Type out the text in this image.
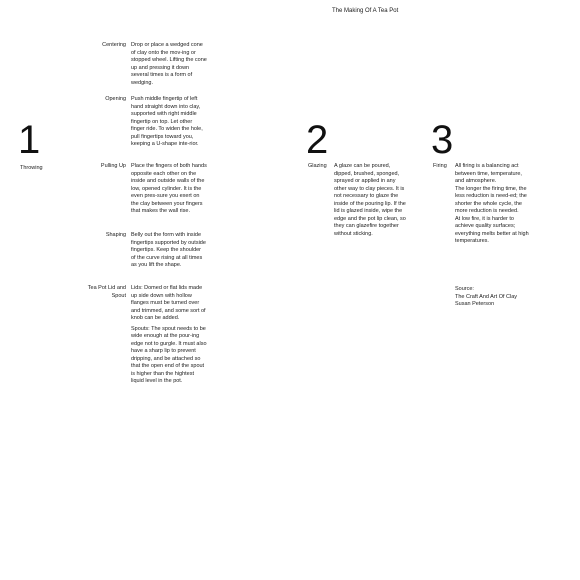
The Making Of A Tea Pot
1
Throwing
Centering Drop or place a wedged cone of clay onto the mov-ing or stopped wheel. Lifting the cone up and pressing it down several times is a form of wedging.

Opening Push middle fingertip of left hand straight down into clay, supported with right middle fingertip on top. Let other finger ride. To widen the hole, pull fingertips toward you, keeping a U-shape inte-rior.

Pulling Up Place the fingers of both hands opposite each other on the inside and outside walls of the low, opened cylinder. It is the even pres-sure you exert on the clay between your fingers that makes the wall rise.

Shaping Belly out the form with inside fingertips supported by outside fingertips. Keep the shoulder of the curve rising at all times as you lift the shape.

Tea Pot Lid and Spout

Lids: Domed or flat lids made up side down with hollow flanges must be turned over and trimmed, and some sort of knob can be added.

Spouts: The spout needs to be wide enough at the pour-ing edge not to gurgle. It must also have a sharp lip to prevent dripping, and be attached so that the open end of the spout is higher than the hightest liquid level in the pot.

2
Glazing A glaze can be poured, dipped, brushed, sponged, sprayed or applied in any other way to clay pieces. It is not necessary to glaze the inside of the pouring lip. If the lid is glazed inside, wipe the edge and the pot lip clean, so they can glazefire together without sticking.

3
Firing All firing is a balancing act between time, temperature, and atmosphere.

The longer the firing time, the less reduction is need-ed; the shorter the whole cycle, the more reduction is needed.

At low fire, it is harder to achieve quality surfaces; everything melts better at high temperatures.

Source:
The Craft And Art Of Clay
Susan Peterson
